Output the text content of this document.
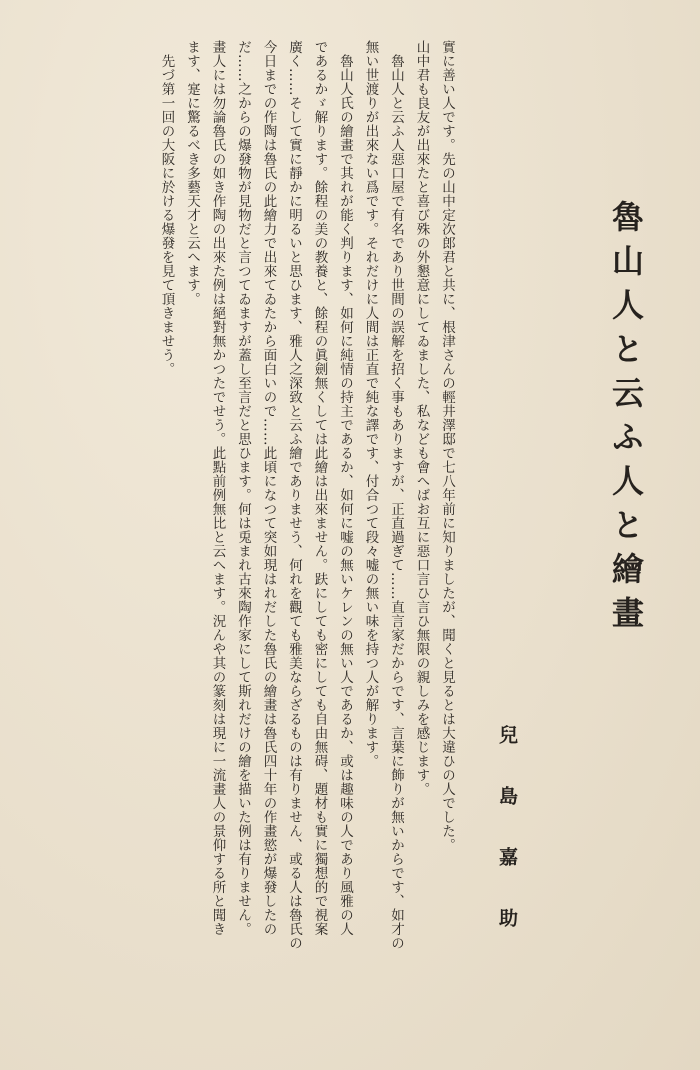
魯山人と云ふ人と繪畫
兒島嘉助
實に善い人です。先の山中定次郎君と共に、根津さんの輕井澤邸で七八年前に知りましたが、聞くと見るとは大違ひの人でした。
山中君も良友が出來たと喜び殊の外懇意にしてゐました、私なども會へばお互に惡口言ひ言ひ無限の親しみを感じます。
魯山人と云ふ人惡口屋で有名であり世間の誤解を招く事もありますが、正直過ぎて……直言家だからです、言葉に飾りが無いからです、如才の
無い世渡りが出來ない爲です。それだけに人間は正直で純な譯です、付合つて段々嘘の無い味を持つ人が解ります。
魯山人氏の繪畫で其れが能く判ります、如何に純情の持主であるか、如何に嘘の無いケレンの無い人であるか、或は趣味の人であり風雅の人
であるかゞ解ります。餘程の美の教養と、餘程の眞劍無くしては此繪は出來ません。趺にしても密にしても自由無碍、題材も實に獨想的で視案
廣く……そして實に靜かに明るいと思ひます、雅人之深致と云ふ繪でありませう、何れを觀ても雅美ならざるものは有りません、或る人は魯氏の
今日までの作陶は魯氏の此繪力で出來てゐたから面白いので……此頃になつて突如現はれだした魯氏の繪畫は魯氏四十年の作畫慾が爆發したの
だ……之からの爆發物が見物だと言つてゐますが蓋し至言だと思ひます。何は兎まれ古來陶作家にして斯れだけの繪を描いた例は有りません。
畫人には勿論魯氏の如き作陶の出來た例は絕對無かつたでせう。此點前例無比と云へます。況んや其の篆刻は現に一流畫人の景仰する所と聞き
ます、寔に驚るべき多藝天才と云へます。
先づ第一回の大阪に於ける爆發を見て頂きませう。
